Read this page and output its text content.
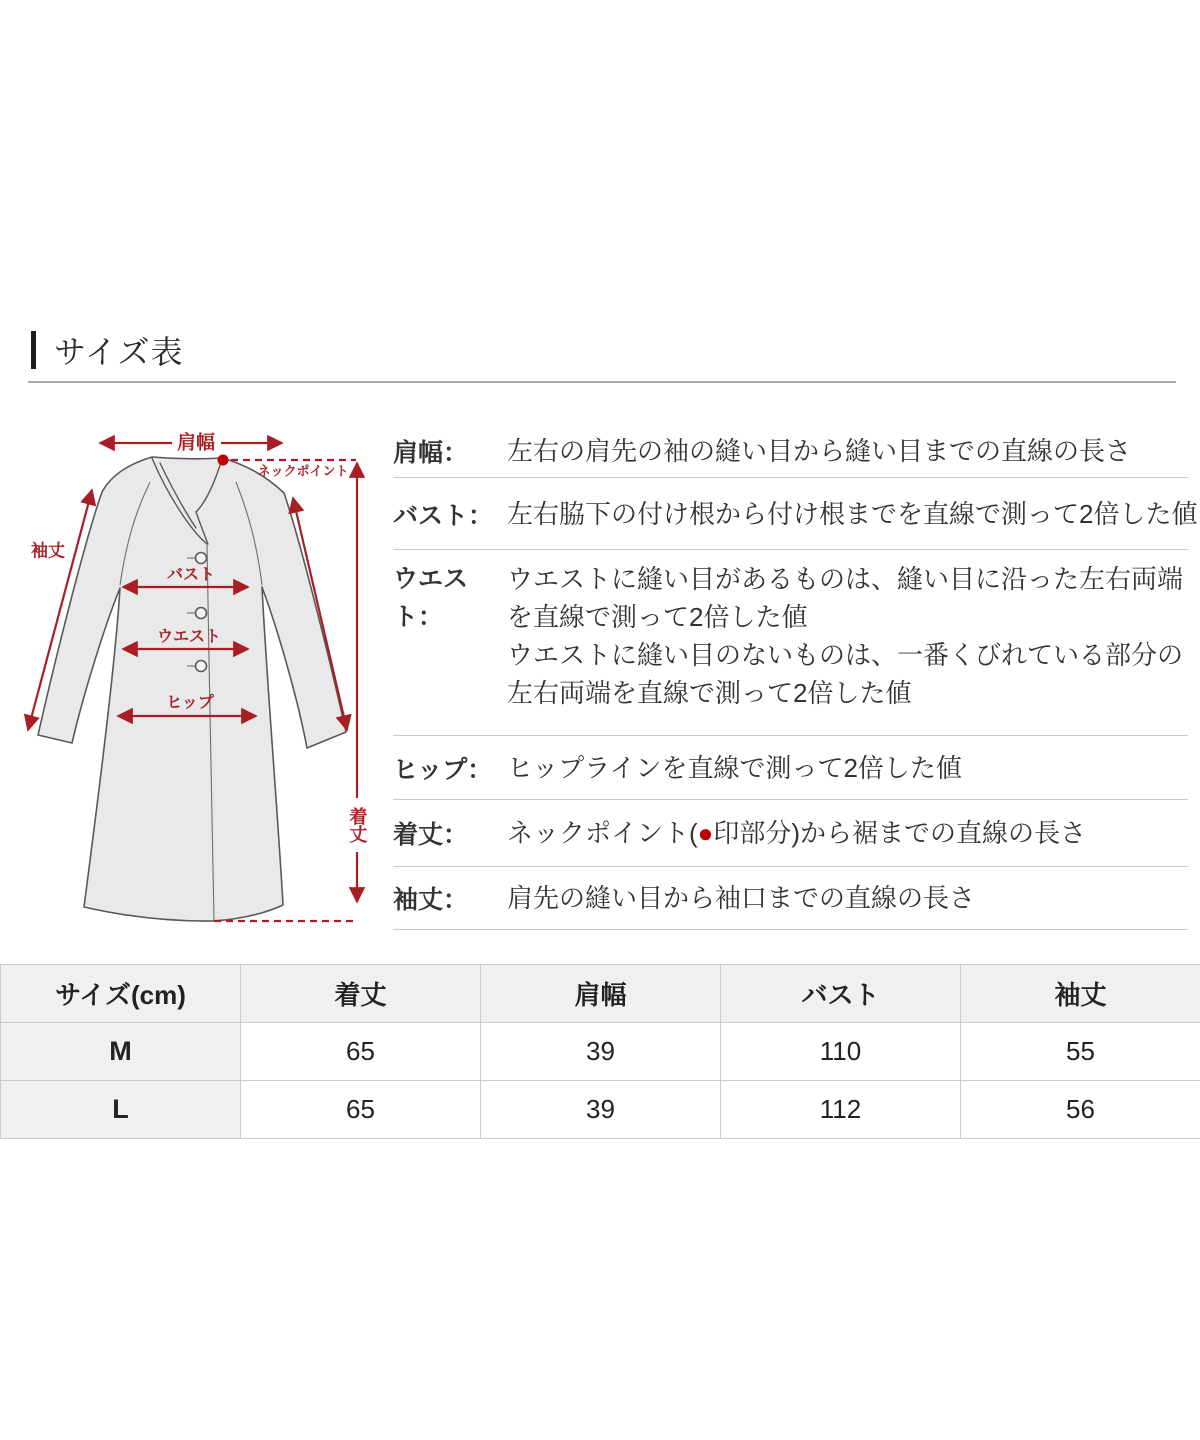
サイズ表
肩幅
ネックポイント
袖丈
バスト
ウエスト
ヒップ
着丈
肩幅：	左右の肩先の袖の縫い目から縫い目までの直線の長さ
バスト： 左右脇下の付け根から付け根までを直線で測って2倍した値
ウエスト：
ウエストに縫い目があるものは、縫い目に沿った左右両端
を直線で測って2倍した値
ウエストに縫い目のないものは、一番くびれている部分の
左右両端を直線で測って2倍した値
ヒップ： ヒップラインを直線で測って2倍した値
着丈：	ネックポイント(●印部分)から裾までの直線の長さ
袖丈：	肩先の縫い目から袖口までの直線の長さ
サイズ(cm)	着丈	肩幅	バスト	袖丈
M	65	39	110	55
L	65	39	112	56
